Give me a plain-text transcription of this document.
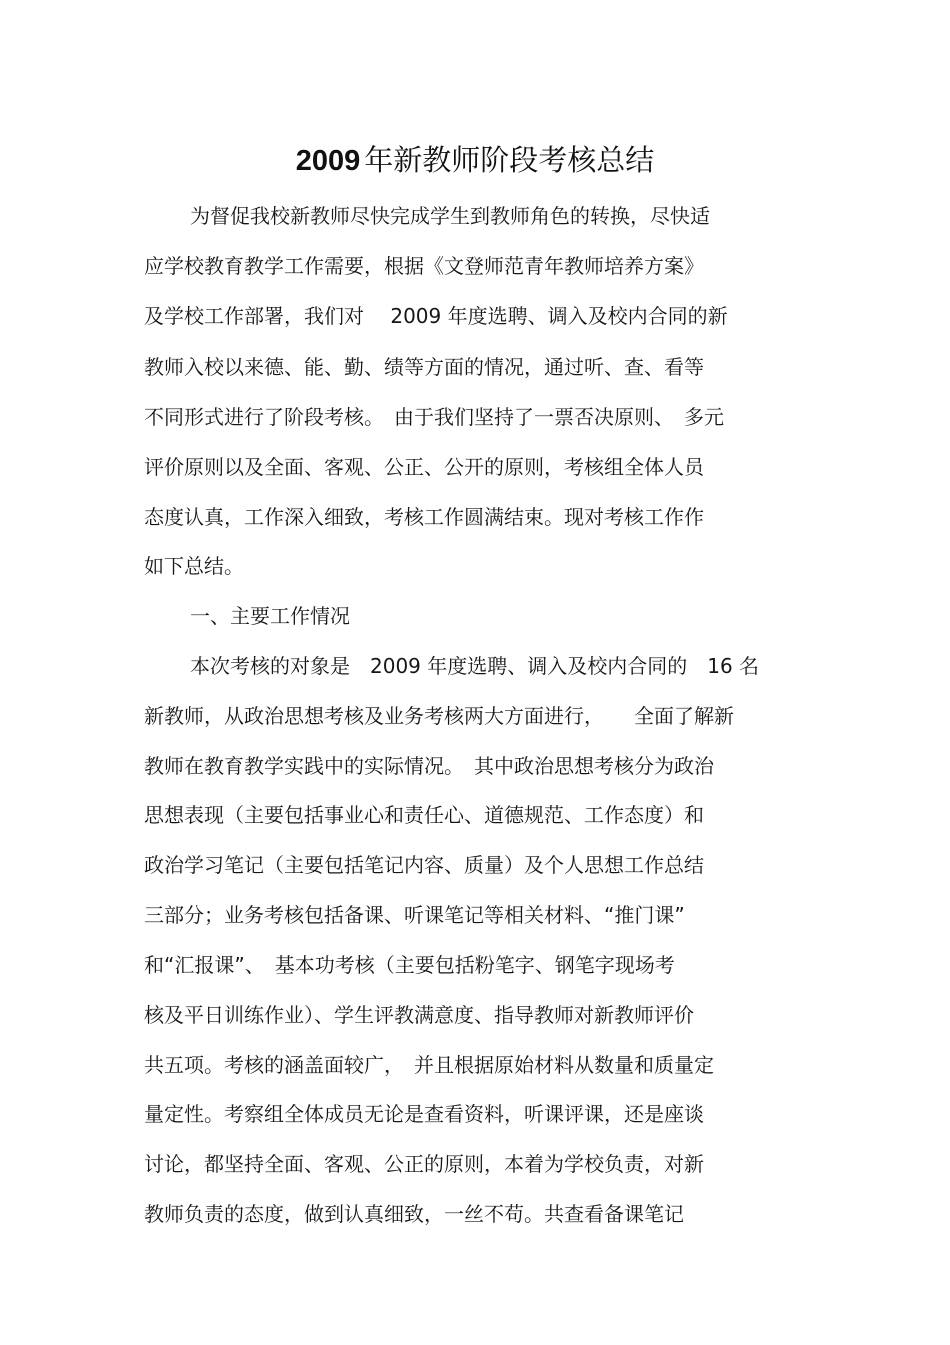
2009 年新教师阶段考核总结
为督促我校新教师尽快完成学生到教师角色的转换，尽快适
应学校教育教学工作需要，根据《文登师范青年教师培养方案》
及学校工作部署，我们对　 2009 年度选聘、调入及校内合同的新
教师入校以来德、能、勤、绩等方面的情况，通过听、查、看等
不同形式进行了阶段考核。　由于我们坚持了一票否决原则、　多元
评价原则以及全面、客观、公正、公开的原则，考核组全体人员
态度认真，工作深入细致，考核工作圆满结束。现对考核工作作
如下总结。
一、主要工作情况
本次考核的对象是　2009 年度选聘、调入及校内合同的　16 名
新教师，从政治思想考核及业务考核两大方面进行，　　全面了解新
教师在教育教学实践中的实际情况。　其中政治思想考核分为政治
思想表现（主要包括事业心和责任心、道德规范、工作态度）和
政治学习笔记（主要包括笔记内容、质量）及个人思想工作总结
三部分；业务考核包括备课、听课笔记等相关材料、“推门课”
和“汇报课”、　基本功考核（主要包括粉笔字、钢笔字现场考
核及平日训练作业）、学生评教满意度、指导教师对新教师评价
共五项。考核的涵盖面较广，　并且根据原始材料从数量和质量定
量定性。考察组全体成员无论是查看资料，听课评课，还是座谈
讨论，都坚持全面、客观、公正的原则，本着为学校负责，对新
教师负责的态度，做到认真细致，一丝不苟。共查看备课笔记
